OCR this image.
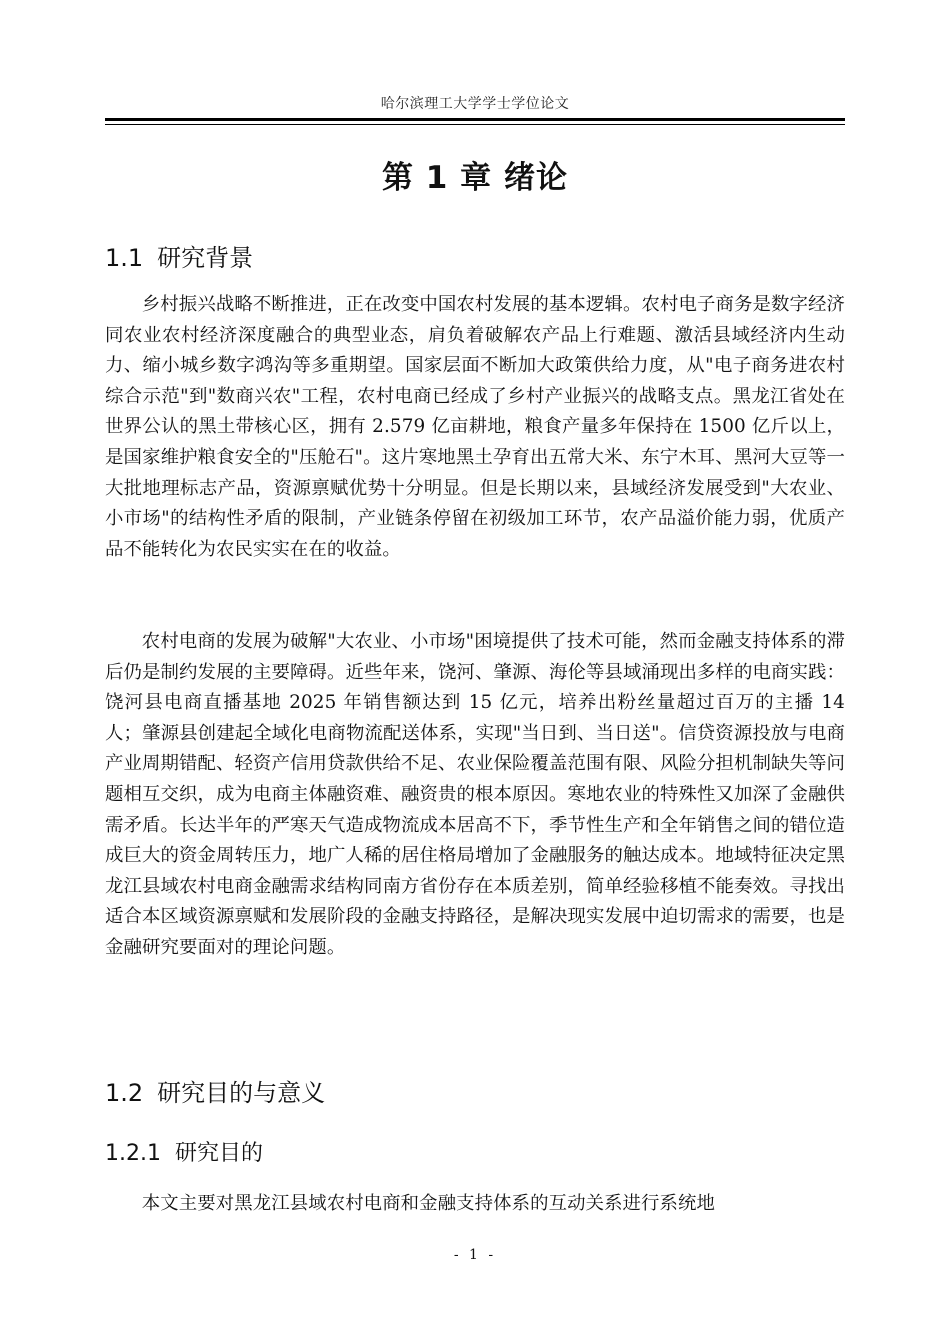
哈尔滨理工大学学士学位论文
第 1 章 绪论
1.1 研究背景

乡村振兴战略不断推进，正在改变中国农村发展的基本逻辑。农村电子商务是数字经济同农业农村经济深度融合的典型业态，肩负着破解农产品上行难题、激活县域经济内生动力、缩小城乡数字鸿沟等多重期望。国家层面不断加大政策供给力度，从"电子商务进农村综合示范"到"数商兴农"工程，农村电商已经成了乡村产业振兴的战略支点。黑龙江省处在世界公认的黑土带核心区，拥有 2.579 亿亩耕地，粮食产量多年保持在 1500 亿斤以上，是国家维护粮食安全的"压舱石"。这片寒地黑土孕育出五常大米、东宁木耳、黑河大豆等一大批地理标志产品，资源禀赋优势十分明显。但是长期以来，县域经济发展受到"大农业、小市场"的结构性矛盾的限制，产业链条停留在初级加工环节，农产品溢价能力弱，优质产品不能转化为农民实实在在的收益。

农村电商的发展为破解"大农业、小市场"困境提供了技术可能，然而金融支持体系的滞后仍是制约发展的主要障碍。近些年来，饶河、肇源、海伦等县域涌现出多样的电商实践：饶河县电商直播基地 2025 年销售额达到 15 亿元，培养出粉丝量超过百万的主播 14 人；肇源县创建起全域化电商物流配送体系，实现"当日到、当日送"。信贷资源投放与电商产业周期错配、轻资产信用贷款供给不足、农业保险覆盖范围有限、风险分担机制缺失等问题相互交织，成为电商主体融资难、融资贵的根本原因。寒地农业的特殊性又加深了金融供需矛盾。长达半年的严寒天气造成物流成本居高不下，季节性生产和全年销售之间的错位造成巨大的资金周转压力，地广人稀的居住格局增加了金融服务的触达成本。地域特征决定黑龙江县域农村电商金融需求结构同南方省份存在本质差别，简单经验移植不能奏效。寻找出适合本区域资源禀赋和发展阶段的金融支持路径，是解决现实发展中迫切需求的需要，也是金融研究要面对的理论问题。

1.2 研究目的与意义
1.2.1 研究目的

本文主要对黑龙江县域农村电商和金融支持体系的互动关系进行系统地

- 1 -
